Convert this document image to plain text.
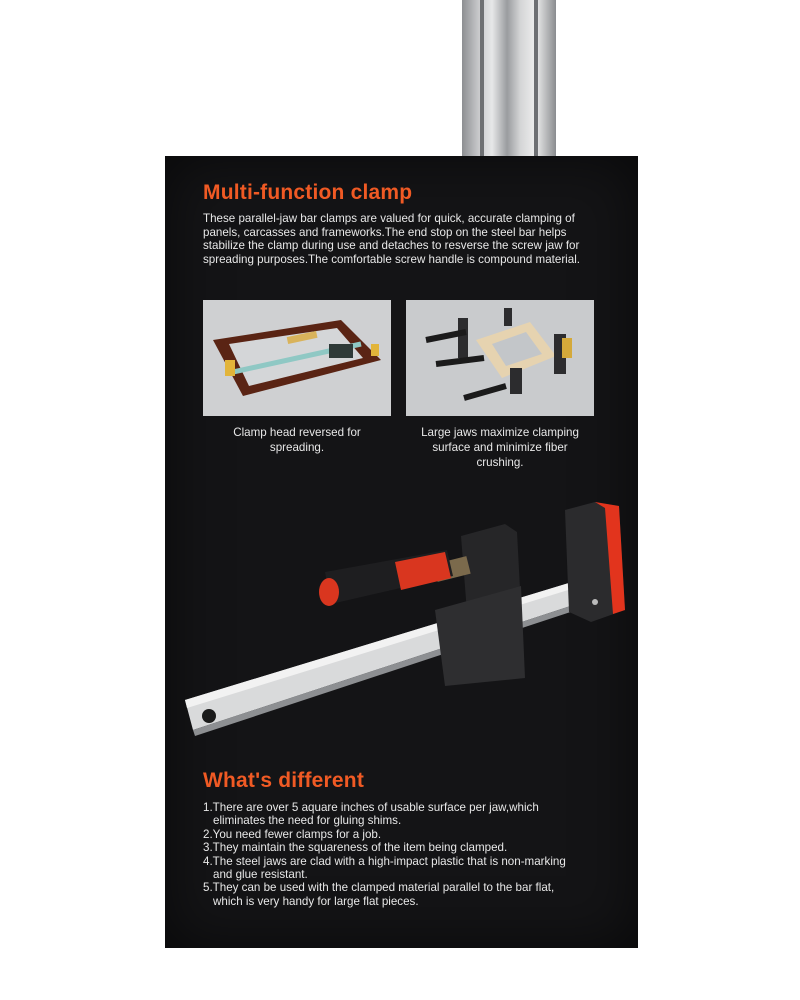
Multi-function clamp
These parallel-jaw bar clamps are valued for quick, accurate clamping of panels, carcasses and frameworks.The end stop on the steel bar helps stabilize the clamp during use and detaches to resverse the screw jaw for spreading purposes.The comfortable screw handle is compound material.
Clamp head reversed for
spreading.
Large jaws maximize clamping
surface and minimize fiber
crushing.
What's different
1.There are over 5 aquare inches of usable surface per jaw,which
eliminates the need for gluing shims.
2.You need fewer clamps for a job.
3.They maintain the squareness of the item being clamped.
4.The steel jaws are clad with a high-impact plastic that is non-marking
and glue resistant.
5.They can be used with the clamped material parallel to the bar flat,
which is very handy for large flat pieces.
